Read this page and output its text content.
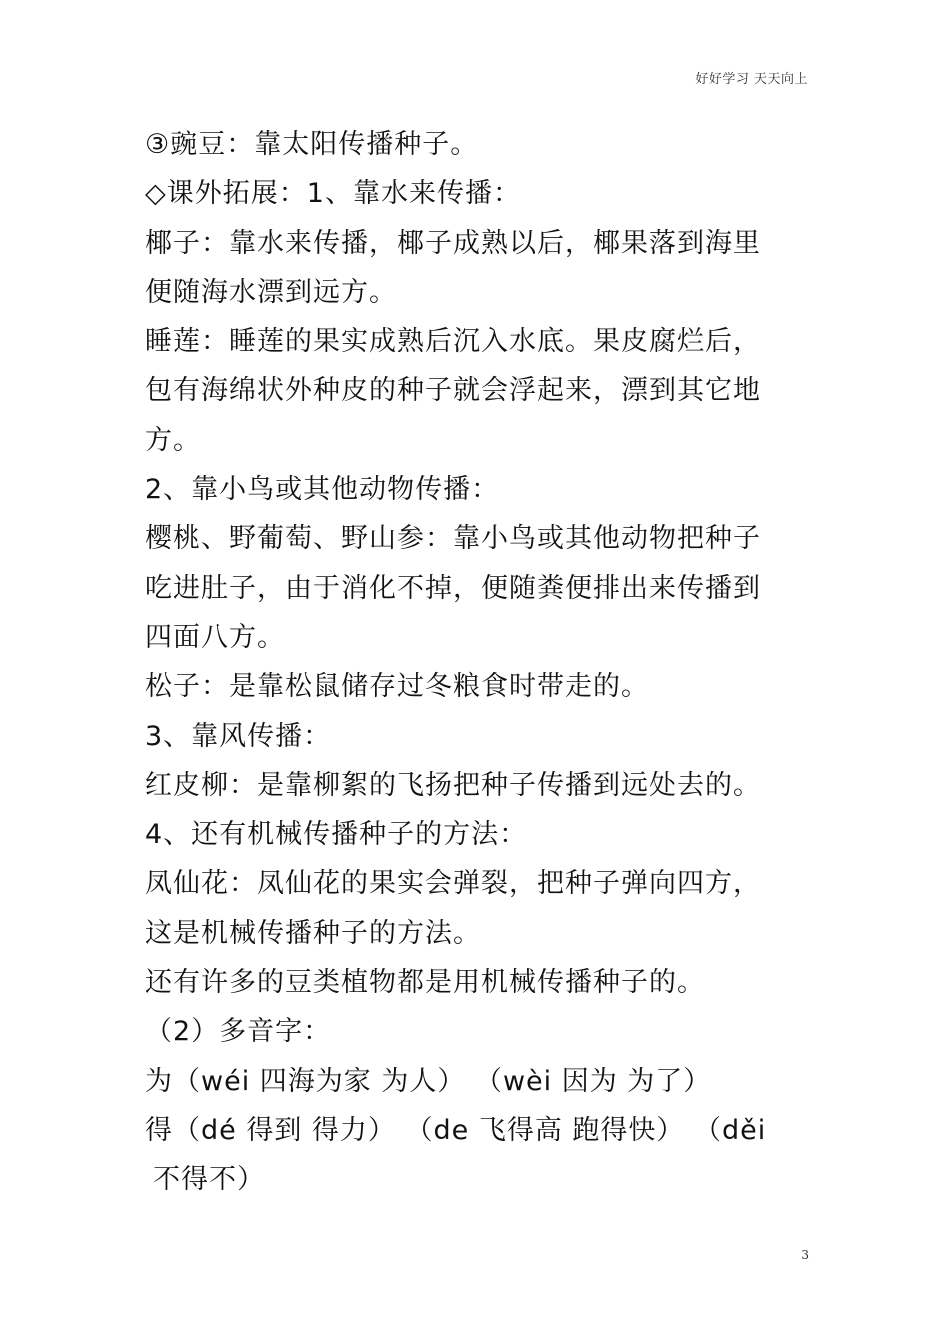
好好学习 天天向上
③豌豆：靠太阳传播种子。
◇课外拓展：1、靠水来传播：
椰子：靠水来传播，椰子成熟以后，椰果落到海里
便随海水漂到远方。
睡莲：睡莲的果实成熟后沉入水底。果皮腐烂后，
包有海绵状外种皮的种子就会浮起来，漂到其它地
方。
2、靠小鸟或其他动物传播：
樱桃、野葡萄、野山参：靠小鸟或其他动物把种子
吃进肚子，由于消化不掉，便随粪便排出来传播到
四面八方。
松子：是靠松鼠储存过冬粮食时带走的。
3、靠风传播：
红皮柳：是靠柳絮的飞扬把种子传播到远处去的。
4、还有机械传播种子的方法：
凤仙花：凤仙花的果实会弹裂，把种子弹向四方，
这是机械传播种子的方法。
还有许多的豆类植物都是用机械传播种子的。
（2）多音字：
为（wéi 四海为家 为人） （wèi 因为 为了）
得（dé 得到 得力） （de 飞得高 跑得快） （děi
不得不）
3
